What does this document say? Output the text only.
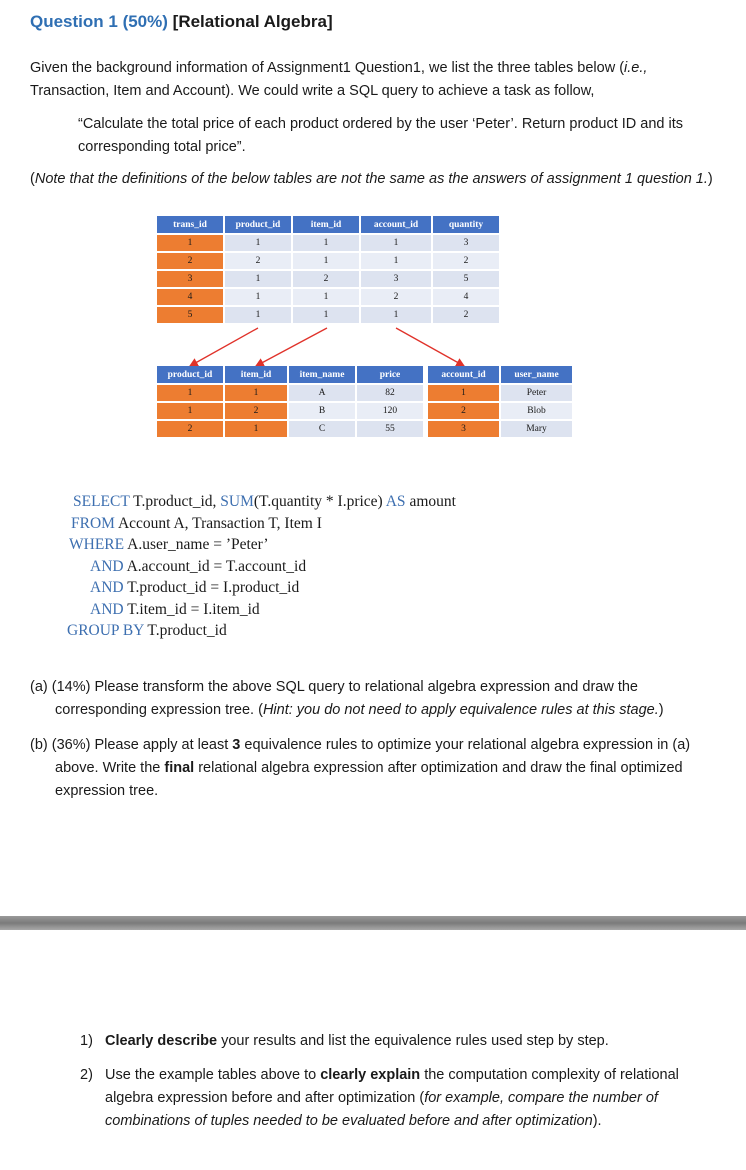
Question 1 (50%) [Relational Algebra]
Given the background information of Assignment1 Question1, we list the three tables below (i.e., Transaction, Item and Account). We could write a SQL query to achieve a task as follow,
“Calculate the total price of each product ordered by the user ‘Peter’. Return product ID and its corresponding total price”.
(Note that the definitions of the below tables are not the same as the answers of assignment 1 question 1.)
trans_id	product_id	item_id	account_id	quantity
1	1	1	1	3
2	2	1	1	2
3	1	2	3	5
4	1	1	2	4
5	1	1	1	2
product_id	item_id	item_name	price
1	1	A	82
1	2	B	120
2	1	C	55
account_id	user_name
1	Peter
2	Blob
3	Mary
SELECT T.product_id, SUM(T.quantity * I.price) AS amount
FROM Account A, Transaction T, Item I
WHERE A.user_name = ’Peter’
AND A.account_id = T.account_id
AND T.product_id = I.product_id
AND T.item_id = I.item_id
GROUP BY T.product_id
(a) (14%) Please transform the above SQL query to relational algebra expression and draw the corresponding expression tree. (Hint: you do not need to apply equivalence rules at this stage.)
(b) (36%) Please apply at least 3 equivalence rules to optimize your relational algebra expression in (a) above. Write the final relational algebra expression after optimization and draw the final optimized expression tree.
1) Clearly describe your results and list the equivalence rules used step by step.
2) Use the example tables above to clearly explain the computation complexity of relational algebra expression before and after optimization (for example, compare the number of combinations of tuples needed to be evaluated before and after optimization).
